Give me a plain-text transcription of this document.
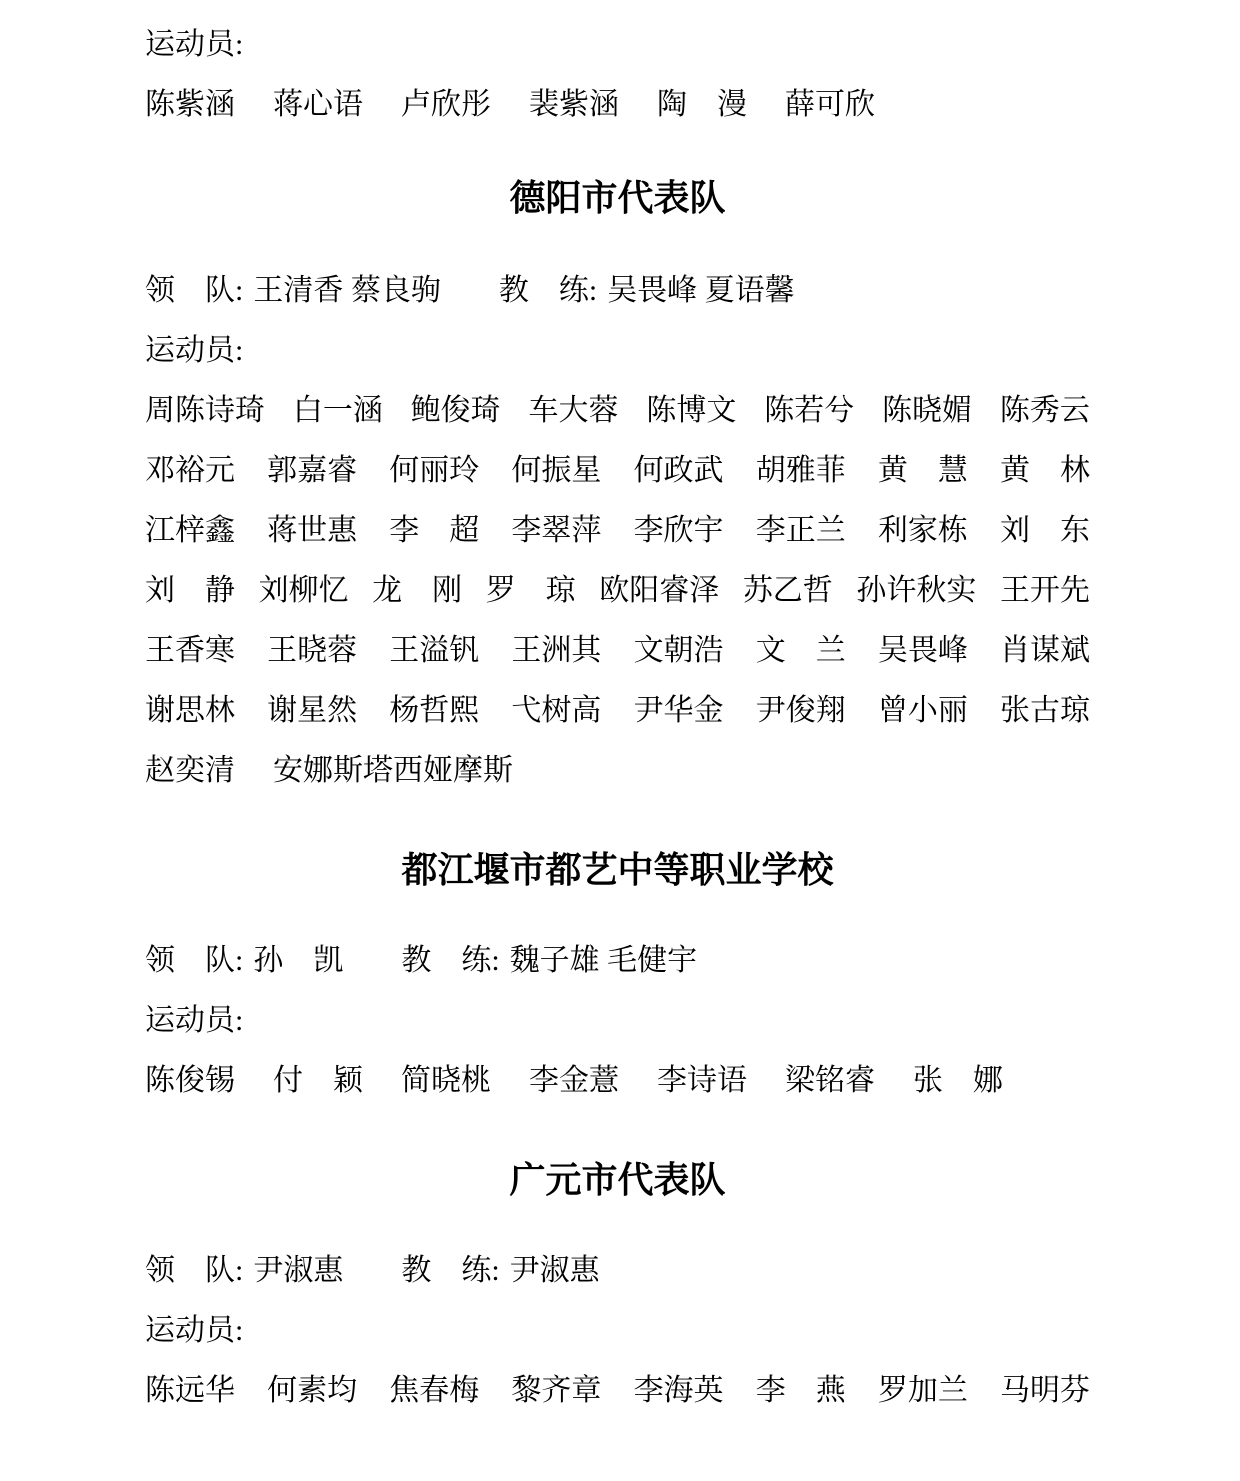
运动员:
陈紫涵 蒋心语 卢欣彤 裴紫涵 陶　漫 薛可欣
德阳市代表队
领　队: 王清香 蔡良驹 教　练: 吴畏峰 夏语馨
运动员:
周陈诗琦 白一涵 鲍俊琦 车大蓉 陈博文 陈若兮 陈晓媚 陈秀云
邓裕元 郭嘉睿 何丽玲 何振星 何政武 胡雅菲 黄　慧 黄　林
江梓鑫 蒋世惠 李　超 李翠萍 李欣宇 李正兰 利家栋 刘　东
刘　静 刘柳忆 龙　刚 罗　琼 欧阳睿泽 苏乙哲 孙许秋实 王开先
王香寒 王晓蓉 王溢钒 王洲其 文朝浩 文　兰 吴畏峰 肖谋斌
谢思林 谢星然 杨哲熙 弋树高 尹华金 尹俊翔 曾小丽 张古琼
赵奕清 安娜斯塔西娅摩斯
都江堰市都艺中等职业学校
领　队: 孙　凯 教　练: 魏子雄 毛健宇
运动员:
陈俊锡 付　颖 简晓桃 李金薏 李诗语 梁铭睿 张　娜
广元市代表队
领　队: 尹淑惠 教　练: 尹淑惠
运动员:
陈远华 何素均 焦春梅 黎齐章 李海英 李　燕 罗加兰 马明芬
